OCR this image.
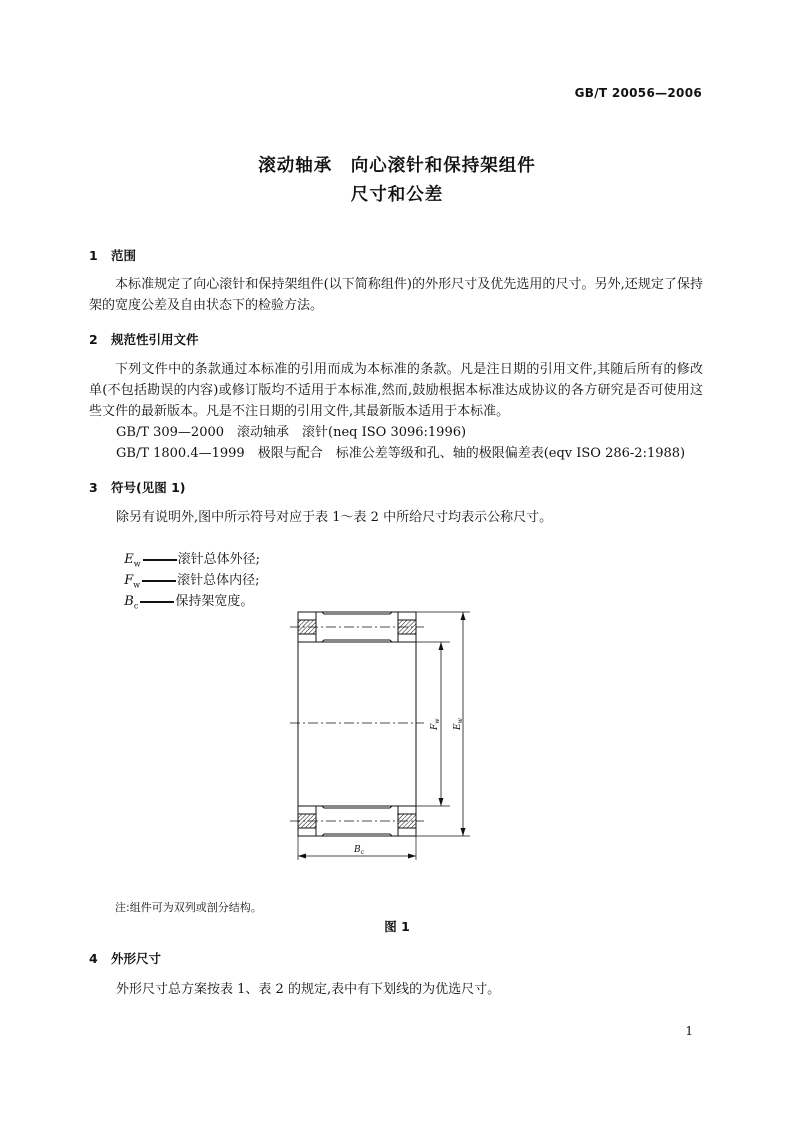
GB/T 20056—2006
滚动轴承　向心滚针和保持架组件
尺寸和公差
1 范围
本标准规定了向心滚针和保持架组件(以下简称组件)的外形尺寸及优先选用的尺寸。另外,还规定了保持架的宽度公差及自由状态下的检验方法。
2 规范性引用文件
下列文件中的条款通过本标准的引用而成为本标准的条款。凡是注日期的引用文件,其随后所有的修改单(不包括勘误的内容)或修订版均不适用于本标准,然而,鼓励根据本标准达成协议的各方研究是否可使用这些文件的最新版本。凡是不注日期的引用文件,其最新版本适用于本标准。
GB/T 309—2000　滚动轴承　滚针(neq ISO 3096:1996)
GB/T 1800.4—1999　极限与配合　标准公差等级和孔、轴的极限偏差表(eqv ISO 286-2:1988)
3 符号(见图 1)
除另有说明外,图中所示符号对应于表 1～表 2 中所给尺寸均表示公称尺寸。

$E_w$	滚针总体外径;

$F_w$	滚针总体内径;

$B_c$	保持架宽度。

$F_w$
$E_w$
$B_c$
注:组件可为双列或剖分结构。
图 1
4 外形尺寸
外形尺寸总方案按表 1、表 2 的规定,表中有下划线的为优选尺寸。
1
